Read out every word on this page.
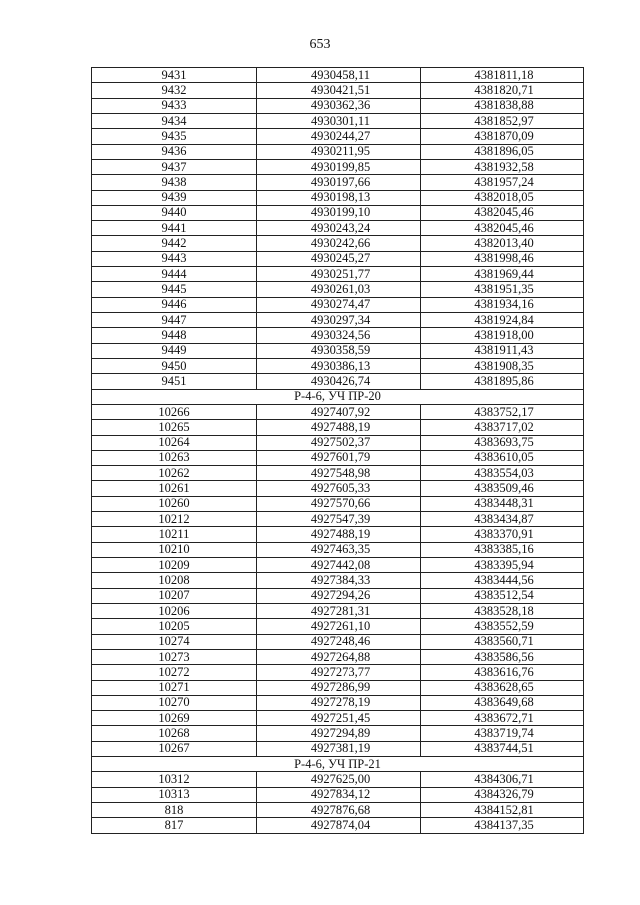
653
9431	4930458,11	4381811,18
9432	4930421,51	4381820,71
9433	4930362,36	4381838,88
9434	4930301,11	4381852,97
9435	4930244,27	4381870,09
9436	4930211,95	4381896,05
9437	4930199,85	4381932,58
9438	4930197,66	4381957,24
9439	4930198,13	4382018,05
9440	4930199,10	4382045,46
9441	4930243,24	4382045,46
9442	4930242,66	4382013,40
9443	4930245,27	4381998,46
9444	4930251,77	4381969,44
9445	4930261,03	4381951,35
9446	4930274,47	4381934,16
9447	4930297,34	4381924,84
9448	4930324,56	4381918,00
9449	4930358,59	4381911,43
9450	4930386,13	4381908,35
9451	4930426,74	4381895,86
Р-4-6, УЧ ПР-20		
10266	4927407,92	4383752,17
10265	4927488,19	4383717,02
10264	4927502,37	4383693,75
10263	4927601,79	4383610,05
10262	4927548,98	4383554,03
10261	4927605,33	4383509,46
10260	4927570,66	4383448,31
10212	4927547,39	4383434,87
10211	4927488,19	4383370,91
10210	4927463,35	4383385,16
10209	4927442,08	4383395,94
10208	4927384,33	4383444,56
10207	4927294,26	4383512,54
10206	4927281,31	4383528,18
10205	4927261,10	4383552,59
10274	4927248,46	4383560,71
10273	4927264,88	4383586,56
10272	4927273,77	4383616,76
10271	4927286,99	4383628,65
10270	4927278,19	4383649,68
10269	4927251,45	4383672,71
10268	4927294,89	4383719,74
10267	4927381,19	4383744,51
Р-4-6, УЧ ПР-21		
10312	4927625,00	4384306,71
10313	4927834,12	4384326,79
818	4927876,68	4384152,81
817	4927874,04	4384137,35
